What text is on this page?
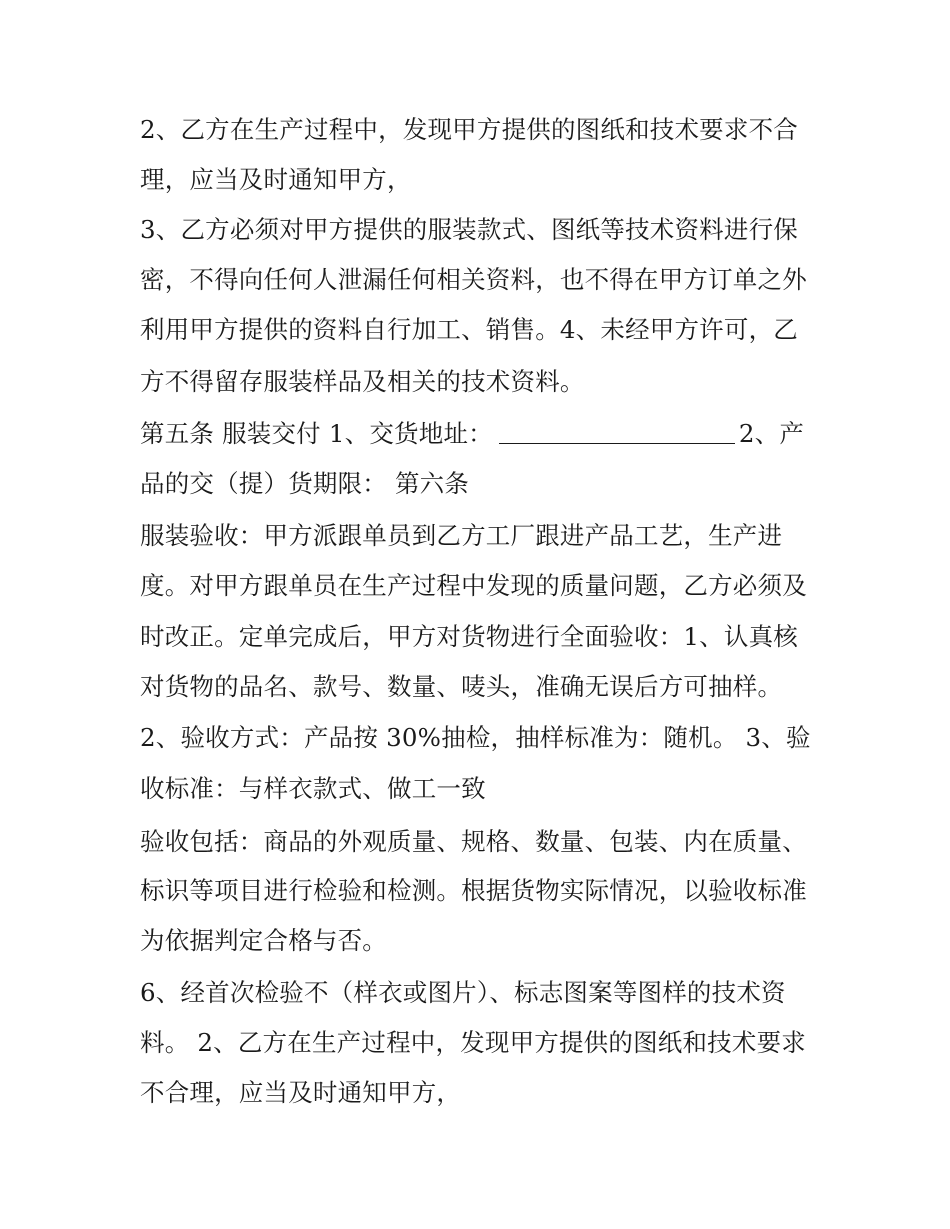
2、乙方在生产过程中，发现甲方提供的图纸和技术要求不合
理，应当及时通知甲方，
3、乙方必须对甲方提供的服装款式、图纸等技术资料进行保
密，不得向任何人泄漏任何相关资料，也不得在甲方订单之外
利用甲方提供的资料自行加工、销售。4、未经甲方许可，乙
方不得留存服装样品及相关的技术资料。
第五条 服装交付 1、交货地址：	2、产
品的交（提）货期限： 第六条
服装验收：甲方派跟单员到乙方工厂跟进产品工艺，生产进
度。对甲方跟单员在生产过程中发现的质量问题，乙方必须及
时改正。定单完成后，甲方对货物进行全面验收：1、认真核
对货物的品名、款号、数量、唛头，准确无误后方可抽样。
2、验收方式：产品按 30%抽检，抽样标准为：随机。 3、验
收标准：与样衣款式、做工一致
验收包括：商品的外观质量、规格、数量、包装、内在质量、
标识等项目进行检验和检测。根据货物实际情况，以验收标准
为依据判定合格与否。
6、经首次检验不（样衣或图片）、标志图案等图样的技术资
料。 2、乙方在生产过程中，发现甲方提供的图纸和技术要求
不合理，应当及时通知甲方，
